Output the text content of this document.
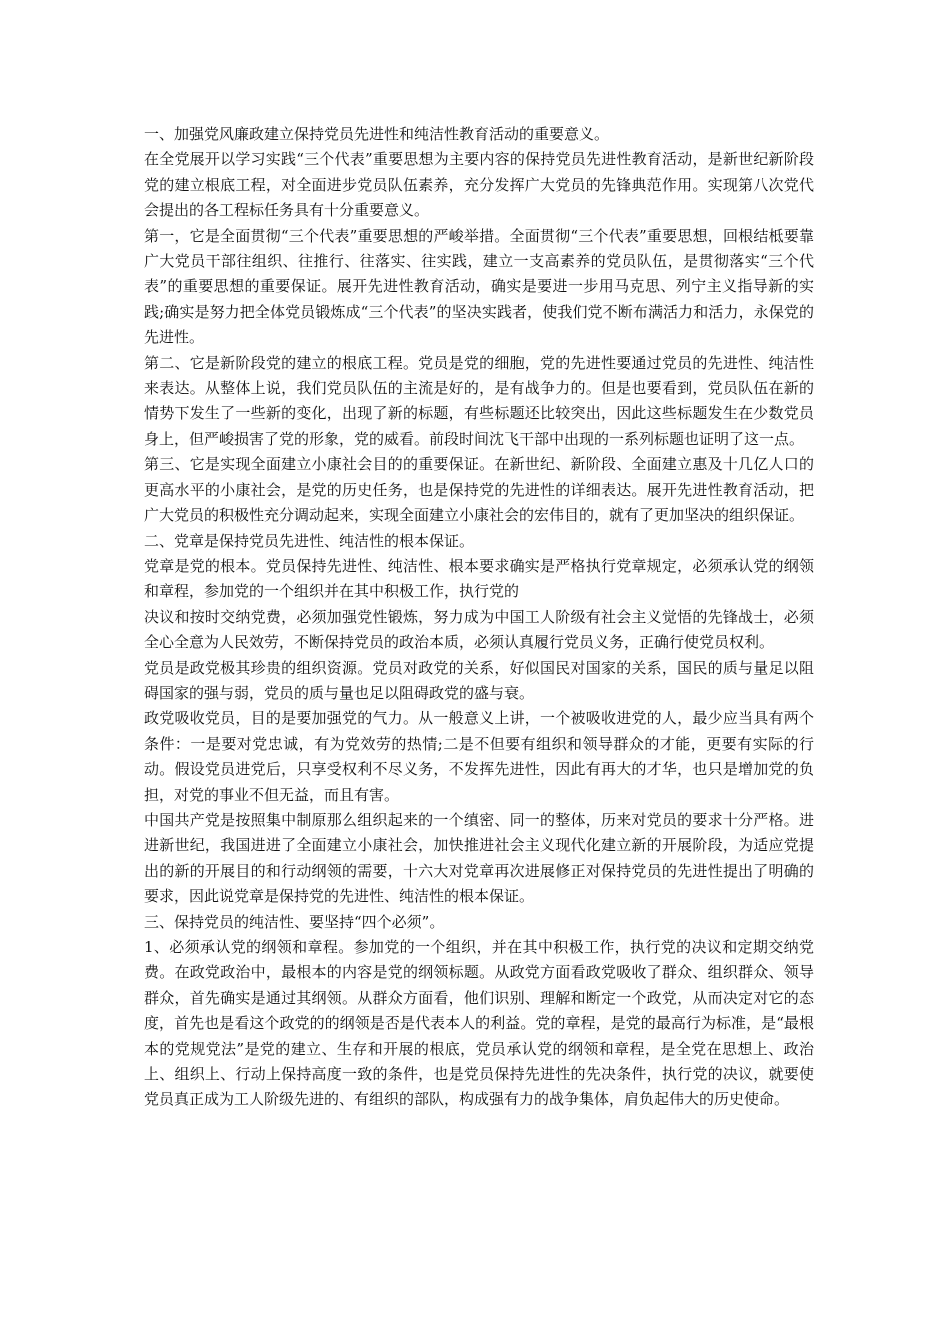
一、加强党风廉政建立保持党员先进性和纯洁性教育活动的重要意义。

在全党展开以学习实践“三个代表”重要思想为主要内容的保持党员先进性教育活动，是新世纪新阶段党的建立根底工程，对全面进步党员队伍素养，充分发挥广大党员的先锋典范作用。实现第八次党代会提出的各工程标任务具有十分重要意义。

第一，它是全面贯彻“三个代表”重要思想的严峻举措。全面贯彻“三个代表”重要思想，回根结柢要靠广大党员干部往组织、往推行、往落实、往实践，建立一支高素养的党员队伍，是贯彻落实“三个代表”的重要思想的重要保证。展开先进性教育活动，确实是要进一步用马克思、列宁主义指导新的实践;确实是努力把全体党员锻炼成“三个代表”的坚决实践者，使我们党不断布满活力和活力，永保党的先进性。

第二、它是新阶段党的建立的根底工程。党员是党的细胞，党的先进性要通过党员的先进性、纯洁性来表达。从整体上说，我们党员队伍的主流是好的，是有战争力的。但是也要看到，党员队伍在新的情势下发生了一些新的变化，出现了新的标题，有些标题还比较突出，因此这些标题发生在少数党员身上，但严峻损害了党的形象，党的威看。前段时间沈飞干部中出现的一系列标题也证明了这一点。

第三、它是实现全面建立小康社会目的的重要保证。在新世纪、新阶段、全面建立惠及十几亿人口的更高水平的小康社会，是党的历史任务，也是保持党的先进性的详细表达。展开先进性教育活动，把广大党员的积极性充分调动起来，实现全面建立小康社会的宏伟目的，就有了更加坚决的组织保证。

二、党章是保持党员先进性、纯洁性的根本保证。

党章是党的根本。党员保持先进性、纯洁性、根本要求确实是严格执行党章规定，必须承认党的纲领和章程，参加党的一个组织并在其中积极工作，执行党的

决议和按时交纳党费，必须加强党性锻炼，努力成为中国工人阶级有社会主义觉悟的先锋战士，必须全心全意为人民效劳，不断保持党员的政治本质，必须认真履行党员义务，正确行使党员权利。

党员是政党极其珍贵的组织资源。党员对政党的关系，好似国民对国家的关系，国民的质与量足以阻碍国家的强与弱，党员的质与量也足以阻碍政党的盛与衰。

政党吸收党员，目的是要加强党的气力。从一般意义上讲，一个被吸收进党的人，最少应当具有两个条件：一是要对党忠诚，有为党效劳的热情;二是不但要有组织和领导群众的才能，更要有实际的行动。假设党员进党后，只享受权利不尽义务，不发挥先进性，因此有再大的才华，也只是增加党的负担，对党的事业不但无益，而且有害。

中国共产党是按照集中制原那么组织起来的一个缜密、同一的整体，历来对党员的要求十分严格。进进新世纪，我国进进了全面建立小康社会，加快推进社会主义现代化建立新的开展阶段，为适应党提出的新的开展目的和行动纲领的需要，十六大对党章再次进展修正对保持党员的先进性提出了明确的要求，因此说党章是保持党的先进性、纯洁性的根本保证。

三、保持党员的纯洁性、要坚持“四个必须”。

1、必须承认党的纲领和章程。参加党的一个组织，并在其中积极工作，执行党的决议和定期交纳党费。在政党政治中，最根本的内容是党的纲领标题。从政党方面看政党吸收了群众、组织群众、领导群众，首先确实是通过其纲领。从群众方面看，他们识别、理解和断定一个政党，从而决定对它的态度，首先也是看这个政党的的纲领是否是代表本人的利益。党的章程，是党的最高行为标准，是“最根本的党规党法”是党的建立、生存和开展的根底，党员承认党的纲领和章程，是全党在思想上、政治上、组织上、行动上保持高度一致的条件，也是党员保持先进性的先决条件，执行党的决议，就要使党员真正成为工人阶级先进的、有组织的部队，构成强有力的战争集体，肩负起伟大的历史使命。
